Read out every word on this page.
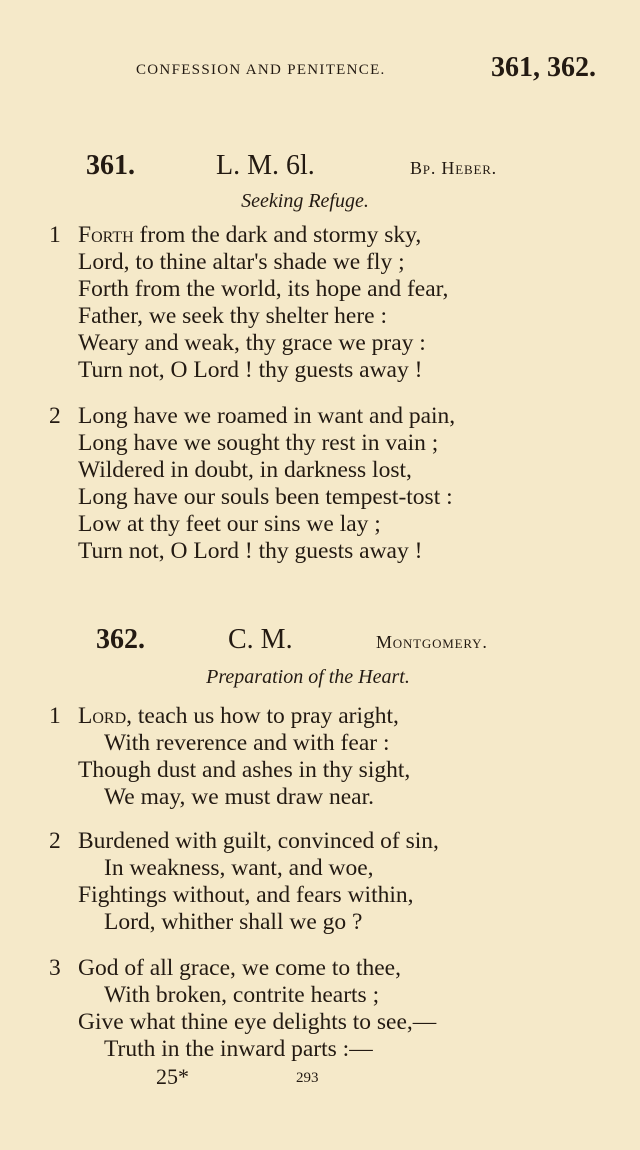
CONFESSION AND PENITENCE.	361, 362.
361.	L. M. 6l.	Bp. Heber.
Seeking Refuge.
1 Forth from the dark and stormy sky,
Lord, to thine altar's shade we fly ;
Forth from the world, its hope and fear,
Father, we seek thy shelter here :
Weary and weak, thy grace we pray :
Turn not, O Lord ! thy guests away !
2 Long have we roamed in want and pain,
Long have we sought thy rest in vain ;
Wildered in doubt, in darkness lost,
Long have our souls been tempest-tost :
Low at thy feet our sins we lay ;
Turn not, O Lord ! thy guests away !
362.	C. M.	Montgomery.
Preparation of the Heart.
1 Lord, teach us how to pray aright,
With reverence and with fear :
Though dust and ashes in thy sight,
We may, we must draw near.
2 Burdened with guilt, convinced of sin,
In weakness, want, and woe,
Fightings without, and fears within,
Lord, whither shall we go ?
3 God of all grace, we come to thee,
With broken, contrite hearts ;
Give what thine eye delights to see,—
Truth in the inward parts :—
25*	293
